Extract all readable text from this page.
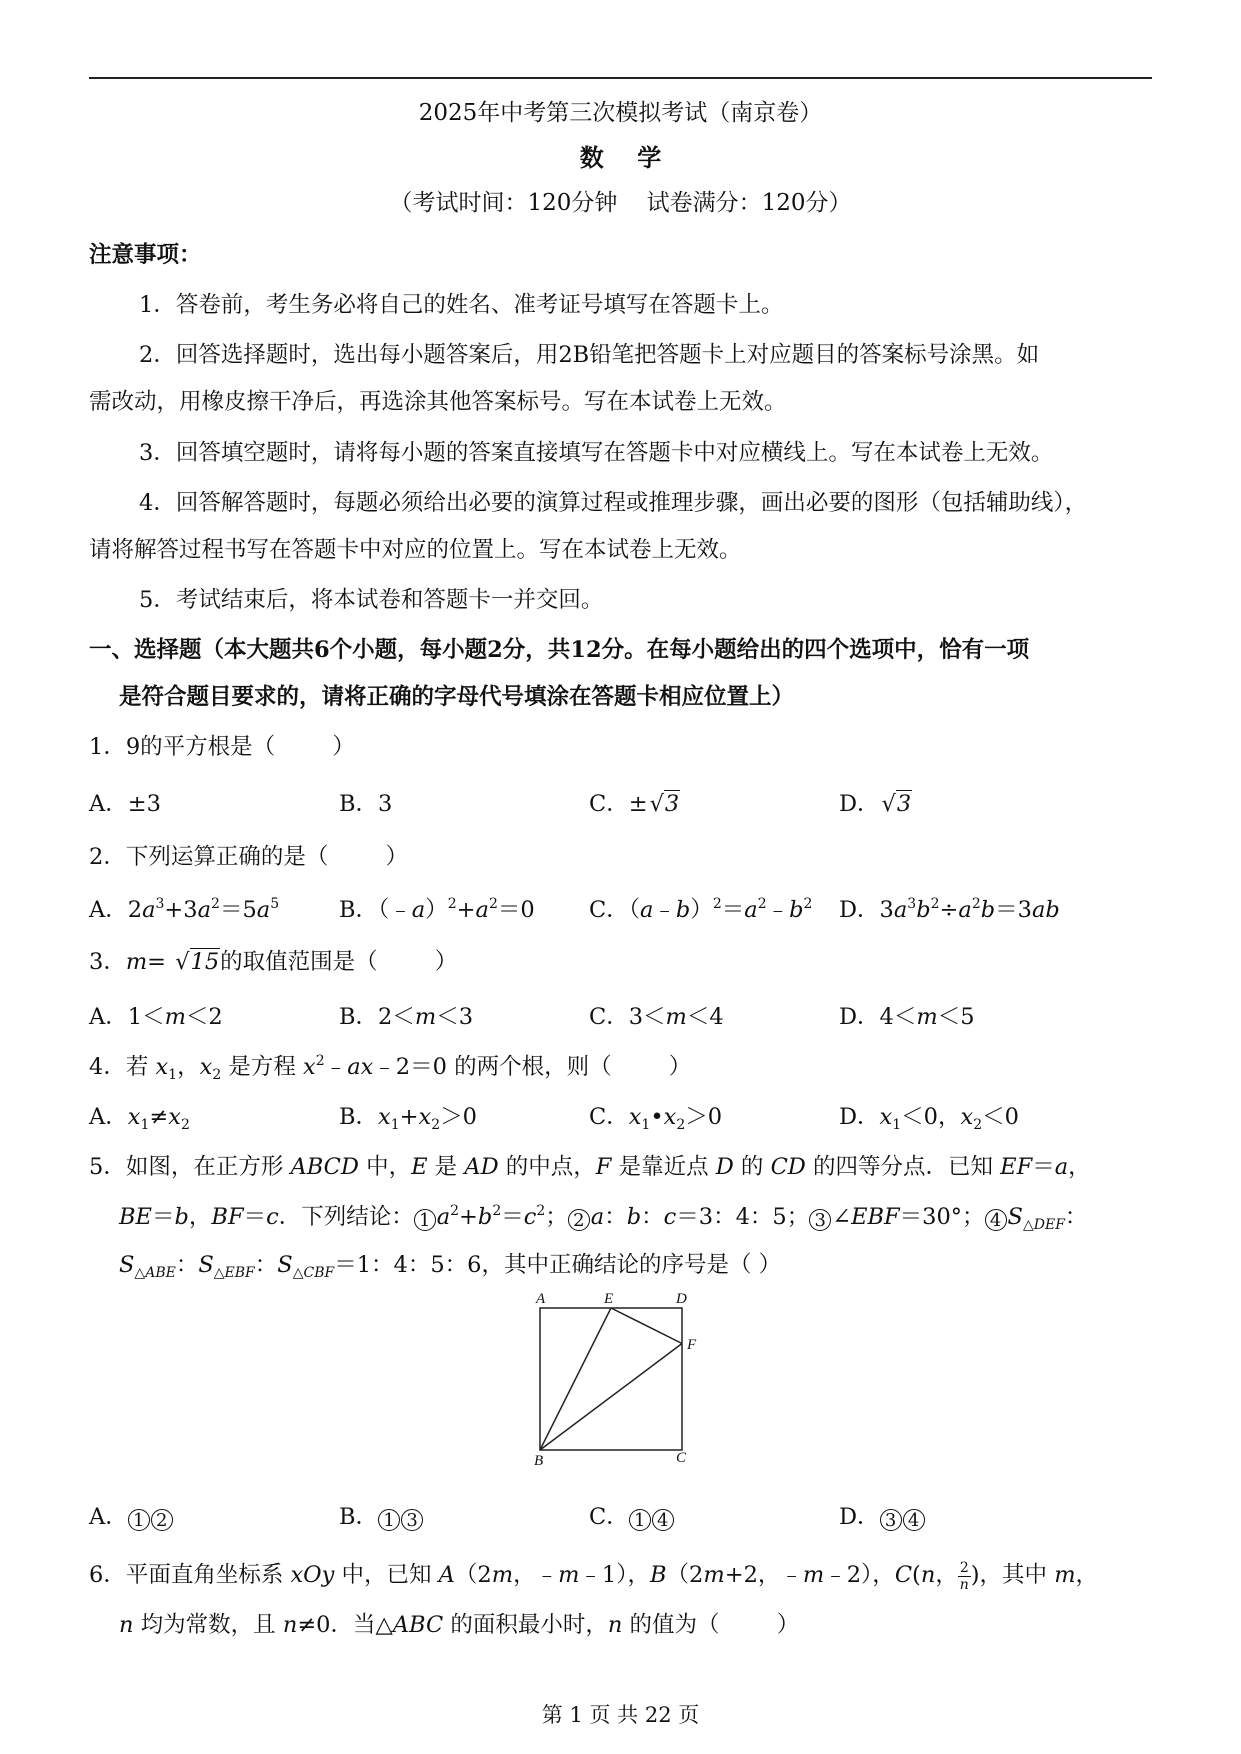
2025年中考第三次模拟考试（南京卷）
数    学
（考试时间：120分钟    试卷满分：120分）
注意事项：
1．答卷前，考生务必将自己的姓名、准考证号填写在答题卡上。
2．回答选择题时，选出每小题答案后，用2B铅笔把答题卡上对应题目的答案标号涂黑。如
需改动，用橡皮擦干净后，再选涂其他答案标号。写在本试卷上无效。
3．回答填空题时，请将每小题的答案直接填写在答题卡中对应横线上。写在本试卷上无效。
4．回答解答题时，每题必须给出必要的演算过程或推理步骤，画出必要的图形（包括辅助线），
请将解答过程书写在答题卡中对应的位置上。写在本试卷上无效。
5．考试结束后，将本试卷和答题卡一并交回。
一、选择题（本大题共6个小题，每小题2分，共12分。在每小题给出的四个选项中，恰有一项
是符合题目要求的，请将正确的字母代号填涂在答题卡相应位置上）
1．9的平方根是（        ）
A．±3	B．3	C．±√3	D．√3
2．下列运算正确的是（        ）
A．$2a^3+3a^2=5a^5$	B．$(﹣a)^2+a^2=0$ C．$(a﹣b)^2=a^2﹣b^2$ D．$3a^3b^2\div a^2b=3ab$
3．m= √15的取值范围是（        ）
A．1＜m＜2	B．2＜m＜3	C．3＜m＜4	D．4＜m＜5
4．若 $x_1$，$x_2$ 是方程 $x^2﹣ax﹣2=0$ 的两个根，则（        ）
A．$x_1\ne x_2$	B．$x_1+x_2>0$	C．$x_1•x_2>0$	D．$x_1<0$，$x_2<0$
5．如图，在正方形 ABCD 中，E 是 AD 的中点，F 是靠近点 D 的 CD 的四等分点．已知 EF＝a，
BE＝b，BF＝c．下列结论： 1 $a^2+b^2=c^2$； 2 a：b：c＝3：4：5； 3 ∠EBF＝30°； 4 $S_{\triangle DEF}$：
$S_{\triangle ABE}$：$S_{\triangle EBF}$：$S_{\triangle CBF}=1$：4：5：6，其中正确结论的序号是（ ）
A	E	D
F
B	C
A． 1 2	B． 1 3	C． 1 4	D． 3 4
6．平面直角坐标系 xOy 中，已知 A（2m，﹣m﹣1），B（2m+2，﹣m﹣2），C(n， $\frac{2}{n}$ )，其中 m，
n 均为常数，且 n≠0．当△ABC 的面积最小时，n 的值为（        ）
第 1 页 共 22 页
